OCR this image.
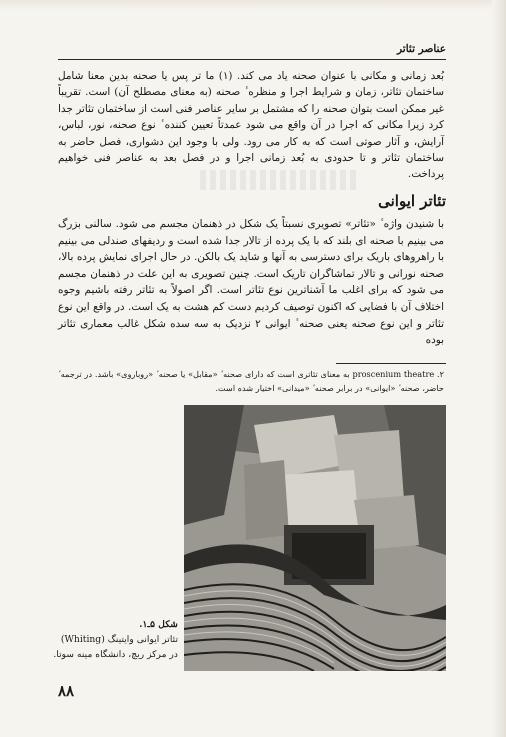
عناصر تئاتر

بُعد زمانی و مکانی با عنوان صحنه یاد می کند. (۱) ما تر پس یا صحنه بدین معنا شامل ساختمان تئاتر، زمان و شرایط اجرا و منظره ٔ صحنه (به معنای مصطلح آن) است. تقریباً غیر ممکن است بتوان صحنه را که مشتمل بر سایر عناصر فنی است از ساختمان تئاتر جدا کرد زیرا مکانی که اجرا در آن واقع می شود عمدتاً تعیین کننده ٔ نوع صحنه، نور، لباس، آرایش، و آثار صوتی است که به کار می رود. ولی با وجود این دشواری، فصل حاضر به ساختمان تئاتر و تا حدودی به بُعد زمانی اجرا و در فصل بعد به عناصر فنی خواهیم پرداخت.

تئاتر ایوانی

با شنیدن واژه ٔ «تئاتر» تصویری نسبتاً یک شکل در ذهنمان مجسم می شود. سالنی بزرگ می بینیم با صحنه ای بلند که با یک پرده از تالار جدا شده است و ردیفهای صندلی می بینیم با راهروهای باریک برای دسترسی به آنها و شاید یک بالکن. در حال اجرای نمایش پرده بالا، صحنه نورانی و تالار تماشاگران تاریک است. چنین تصویری به این علت در ذهنمان مجسم می شود که برای اغلب ما آشناترین نوع تئاتر است. اگر اصولاً به تئاتر رفته باشیم وجوه اختلاف آن با فضایی که اکنون توصیف کردیم دست کم هشت به یک است. در واقع این نوع تئاتر و این نوع صحنه یعنی صحنه ٔ ایوانی ۲ نزدیک به سه سده شکل غالب معماری تئاتر بوده

۲. proscenium theatre به معنای تئاتری است که دارای صحنه ٔ «مقابل» یا صحنه ٔ «روباروی» باشد. در ترجمه ٔ حاضر، صحنه ٔ «ایوانی» در برابر صحنه ٔ «میدانی» اختیار شده است.

شکل ۵ـ۱.
تئاتر ایوانی وایتینگ (Whiting)
در مرکز ریچ، دانشگاه مینه سوتا.
۸۸
